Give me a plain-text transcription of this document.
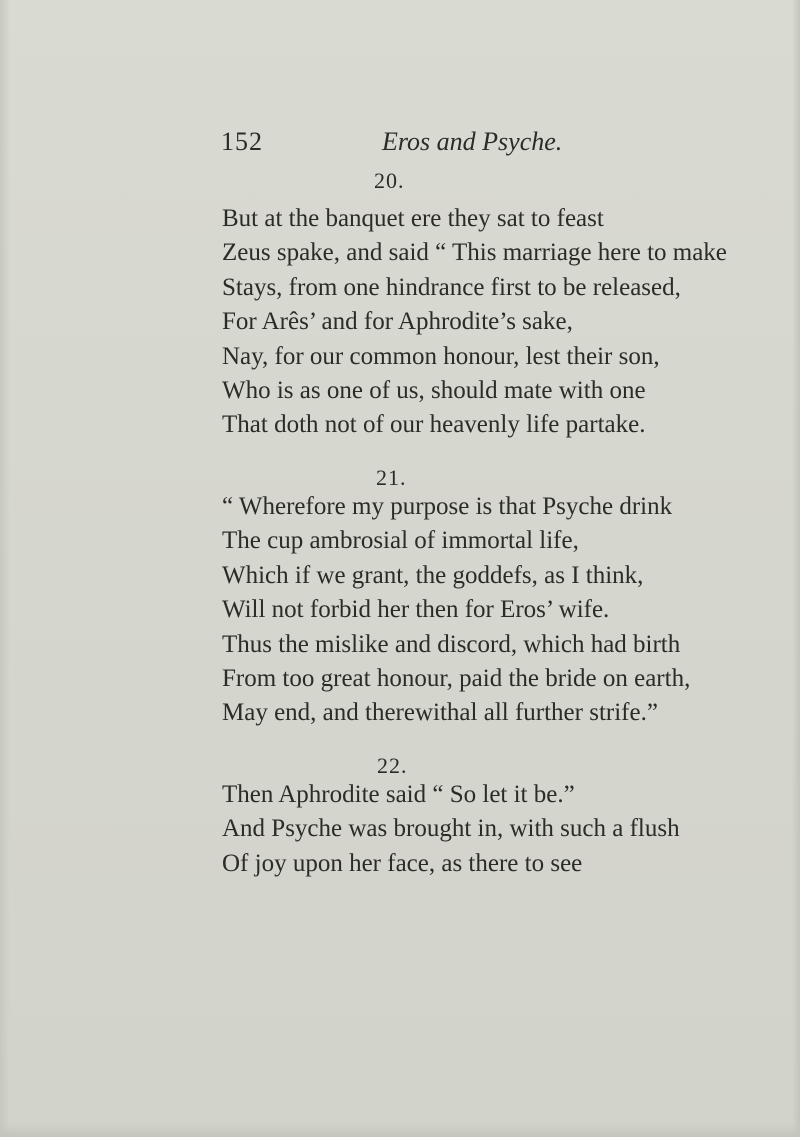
152	Eros and Psyche.
20.
But at the banquet ere they sat to feast
Zeus spake, and said “ This marriage here to make
Stays, from one hindrance first to be released,
For Arês’ and for Aphrodite’s sake,
Nay, for our common honour, lest their son,
Who is as one of us, should mate with one
That doth not of our heavenly life partake.
21.
“ Wherefore my purpose is that Psyche drink
The cup ambrosial of immortal life,
Which if we grant, the goddefs, as I think,
Will not forbid her then for Eros’ wife.
Thus the mislike and discord, which had birth
From too great honour, paid the bride on earth,
May end, and therewithal all further strife.”
22.
Then Aphrodite said “ So let it be.”
And Psyche was brought in, with such a flush
Of joy upon her face, as there to see
